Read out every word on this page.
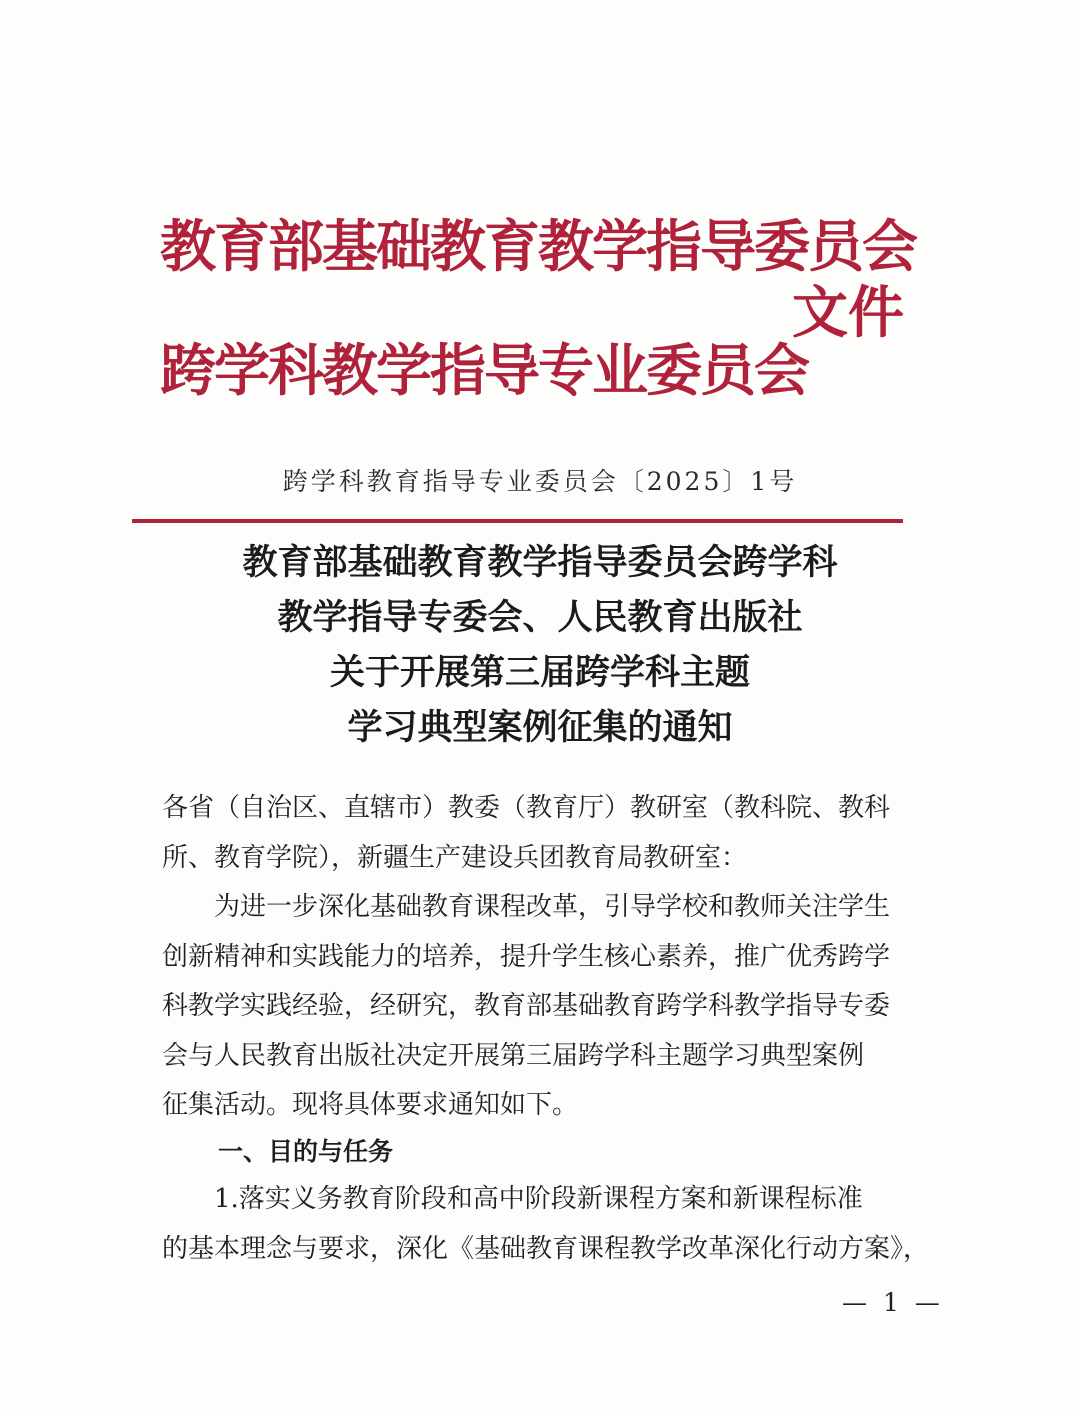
教育部基础教育教学指导委员会
跨学科教学指导专业委员会
文件
跨学科教育指导专业委员会〔2025〕1号
教育部基础教育教学指导委员会跨学科
教学指导专委会、人民教育出版社
关于开展第三届跨学科主题
学习典型案例征集的通知
各省（自治区、直辖市）教委（教育厅）教研室（教科院、教科
所、教育学院），新疆生产建设兵团教育局教研室：
　　为进一步深化基础教育课程改革，引导学校和教师关注学生
创新精神和实践能力的培养，提升学生核心素养，推广优秀跨学
科教学实践经验，经研究，教育部基础教育跨学科教学指导专委
会与人民教育出版社决定开展第三届跨学科主题学习典型案例
征集活动。现将具体要求通知如下。
一、目的与任务
　　1.落实义务教育阶段和高中阶段新课程方案和新课程标准
的基本理念与要求，深化《基础教育课程教学改革深化行动方案》，
— 1 —
